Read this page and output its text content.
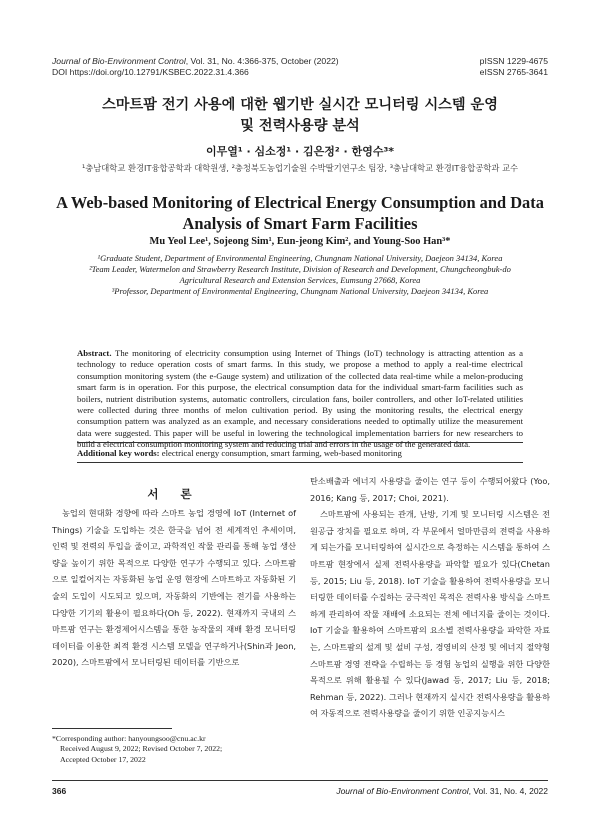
Journal of Bio-Environment Control, Vol. 31, No. 4:366-375, October (2022)
DOI https://doi.org/10.12791/KSBEC.2022.31.4.366
pISSN 1229-4675
eISSN 2765-3641
스마트팜 전기 사용에 대한 웹기반 실시간 모니터링 시스템 운영
및 전력사용량 분석
이무열¹ · 심소정¹ · 김은정² · 한영수³*
¹충남대학교 환경IT융합공학과 대학원생, ²충청북도농업기술원 수박딸기연구소 팀장, ³충남대학교 환경IT융합공학과 교수
A Web-based Monitoring of Electrical Energy Consumption and Data
Analysis of Smart Farm Facilities
Mu Yeol Lee¹, Sojeong Sim¹, Eun-jeong Kim², and Young-Soo Han³*
¹Graduate Student, Department of Environmental Engineering, Chungnam National University, Daejeon 34134, Korea
²Team Leader, Watermelon and Strawberry Research Institute, Division of Research and Development, Chungcheongbuk-do
Agricultural Research and Extension Services, Eumsung 27668, Korea
³Professor, Department of Environmental Engineering, Chungnam National University, Daejeon 34134, Korea
Abstract. The monitoring of electricity consumption using Internet of Things (IoT) technology is attracting attention as a technology to reduce operation costs of smart farms. In this study, we propose a method to apply a real-time electrical consumption monitoring system (the e-Gauge system) and utilization of the collected data real-time while a melon-producing smart farm is in operation. For this purpose, the electrical consumption data for the individual smart-farm facilities such as boilers, nutrient distribution systems, automatic controllers, circulation fans, boiler controllers, and other IoT-related utilities were collected during three months of melon cultivation period. By using the monitoring results, the electrical energy consumption pattern was analyzed as an example, and necessary considerations needed to optimally utilize the measurement data were suggested. This paper will be useful in lowering the technological implementation barriers for new researchers to build a electrical consumption monitoring system and reducing trial and errors in the usage of the generated data.
Additional key words: electrical energy consumption, smart farming, web-based monitoring
서 론

농업의 현대화 경향에 따라 스마트 농업 경영에 IoT (Internet of Things) 기술을 도입하는 것은 한국을 넘어 전 세계적인 추세이며, 인력 및 전력의 투입을 줄이고, 과학적인 작물 관리를 통해 농업 생산량을 높이기 위한 목적으로 다양한 연구가 수행되고 있다. 스마트팜으로 일컬어지는 자동화된 농업 운영 현장에 스마트하고 자동화된 기술의 도입이 시도되고 있으며, 자동화의 기반에는 전기를 사용하는 다양한 기기의 활용이 필요하다(Oh 등, 2022). 현재까지 국내의 스마트팜 연구는 환경제어시스템을 통한 농작물의 재배 환경 모니터링 데이터를 이용한 최적 환경 시스템 모델을 연구하거나(Shin과 Jeon, 2020), 스마트팜에서 모니터링된 데이터를 기반으로

탄소배출과 에너지 사용량을 줄이는 연구 등이 수행되어왔다 (Yoo, 2016; Kang 등, 2017; Choi, 2021).

스마트팜에 사용되는 관개, 난방, 기계 및 모니터링 시스템은 전원공급 장치를 필요로 하며, 각 부문에서 얼마만큼의 전력을 사용하게 되는가를 모니터링하여 실시간으로 측정하는 시스템을 통하여 스마트팜 현장에서 실제 전력사용량을 파악할 필요가 있다(Chetan 등, 2015; Liu 등, 2018). IoT 기술을 활용하여 전력사용량을 모니터링한 데이터를 수집하는 궁극적인 목적은 전력사용 방식을 스마트하게 관리하여 작물 재배에 소요되는 전체 에너지를 줄이는 것이다. IoT 기술을 활용하여 스마트팜의 요소별 전력사용량을 파악한 자료는, 스마트팜의 설계 및 설비 구성, 경영비의 산정 및 에너지 절약형 스마트팜 경영 전략을 수립하는 등 경험 농업의 실행을 위한 다양한 목적으로 위해 활용될 수 있다(Jawad 등, 2017; Liu 등, 2018; Rehman 등, 2022). 그러나 현재까지 실시간 전력사용량을 활용하여 자동적으로 전력사용량을 줄이기 위한 인공지능시스

*Corresponding author: hanyoungsoo@cnu.ac.kr
Received August 9, 2022; Revised October 7, 2022;
Accepted October 17, 2022
366	Journal of Bio-Environment Control, Vol. 31, No. 4, 2022
